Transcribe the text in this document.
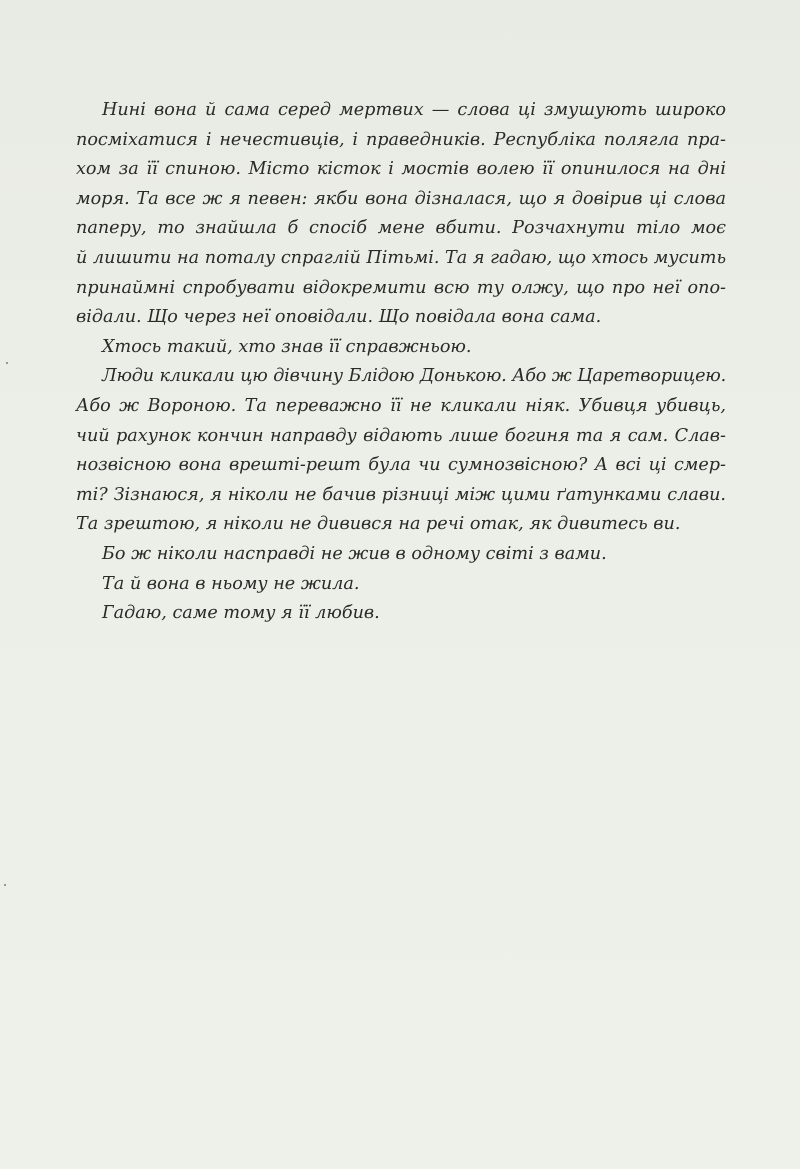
Нині вона й сама серед мертвих — слова ці змушують широко
посміхатися і нечестивців, і праведників. Республіка полягла пра-
хом за її спиною. Місто кісток і мостів волею її опинилося на дні
моря. Та все ж я певен: якби вона дізналася, що я довірив ці слова
паперу, то знайшла б спосіб мене вбити. Розчахнути тіло моє
й лишити на поталу спраглій Пітьмі. Та я гадаю, що хтось мусить
принаймні спробувати відокремити всю ту олжу, що про неї опо-
відали. Що через неї оповідали. Що повідала вона сама.
Хтось такий, хто знав її справжньою.
Люди кликали цю дівчину Блідою Донькою. Або ж Царетворицею.
Або ж Вороною. Та переважно її не кликали ніяк. Убивця убивць,
чий рахунок кончин направду відають лише богиня та я сам. Слав-
нозвісною вона врешті-решт була чи сумнозвісною? А всі ці смер-
ті? Зізнаюся, я ніколи не бачив різниці між цими ґатунками слави.
Та зрештою, я ніколи не дивився на речі отак, як дивитесь ви.
Бо ж ніколи насправді не жив в одному світі з вами.
Та й вона в ньому не жила.
Гадаю, саме тому я її любив.
